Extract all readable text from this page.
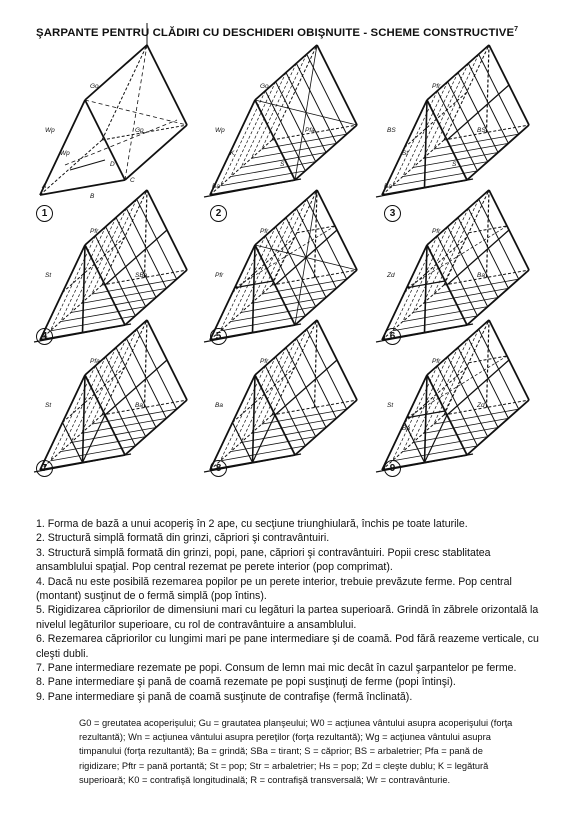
ŞARPANTE PENTRU CLĂDIRI CU DESCHIDERI OBIŞNUITE - SCHEME CONSTRUCTIVE$^7$
Go
Wp	Gp
Wp
D
A
B
C
1
Go
Wp	Pfa
K
S
Ba
2
Pfr
BS	BS
St
S
Ba
3
Pfr
St	SBa
4
Pfr
Pfr
5
Pfr
Zd	Ba
6
Pfa
St	Ba
7
Pfr
Ba
8
Pfr
St	Zd
Ba
9
1. Forma de bază a unui acoperiş în 2 ape, cu secţiune triunghiulară, închis pe toate laturile.
2. Structură simplă formată din grinzi, căpriori şi contravântuiri.
3. Structură simplă formată din grinzi, popi, pane, căpriori şi contravântuiri. Popii cresc stablitatea ansamblului spaţial. Pop central rezemat pe perete interior (pop comprimat).
4. Dacă nu este posibilă rezemarea popilor pe un perete interior, trebuie prevăzute ferme. Pop central (montant) susţinut de o fermă simplă (pop întins).
5. Rigidizarea căpriorilor de dimensiuni mari cu legături la partea superioară. Grindă în zăbrele orizontală la nivelul legăturilor superioare, cu rol de contravântuire a ansamblului.
6. Rezemarea căpriorilor cu lungimi mari pe pane intermediare şi de coamă. Pod fără reazeme verticale, cu cleşti dubli.
7. Pane intermediare rezemate pe popi. Consum de lemn mai mic decât în cazul şarpantelor pe ferme.
8. Pane intermediare şi pană de coamă rezemate pe popi susţinuţi de ferme (popi întinşi).
9. Pane intermediare şi pană de coamă susţinute de contrafişe (fermă înclinată).
G0 = greutatea acoperişului; Gu = grautatea planşeului; W0 = acţiunea vântului asupra acoperişului (forţa rezultantă); Wn = acţiunea vântului asupra pereţilor (forţa rezultantă); Wg = acţiunea vântului asupra timpanului (forţa rezultantă); Ba = grindă; SBa = tirant; S = căprior; BS = arbaletrier; Pfa = pană de rigidizare; Pftr = pană portantă; St = pop; Str = arbaletrier; Hs = pop; Zd = cleşte dublu; K = legătură superioară; K0 = contrafişă longitudinală; R = contrafişă transversală; Wr = contravânturie.
